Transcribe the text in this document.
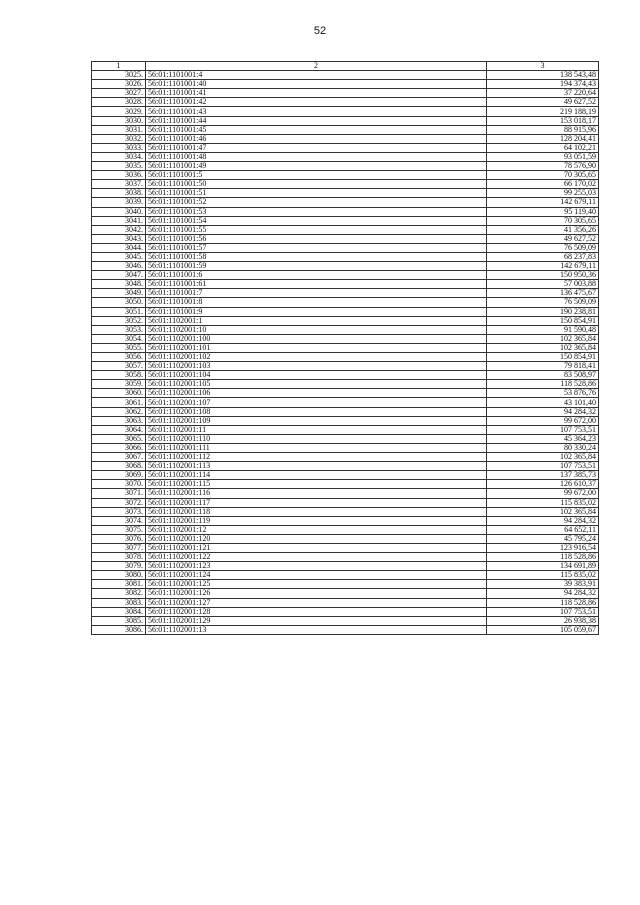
52
1	2	3
3025.	56:01:1101001:4	138 543,48
3026.	56:01:1101001:40	194 374,43
3027.	56:01:1101001:41	37 220,64
3028.	56:01:1101001:42	49 627,52
3029.	56:01:1101001:43	219 188,19
3030.	56:01:1101001:44	153 018,17
3031.	56:01:1101001:45	88 915,96
3032.	56:01:1101001:46	128 204,41
3033.	56:01:1101001:47	64 102,21
3034.	56:01:1101001:48	93 051,59
3035.	56:01:1101001:49	78 576,90
3036.	56:01:1101001:5	70 305,65
3037.	56:01:1101001:50	66 170,02
3038.	56:01:1101001:51	99 255,03
3039.	56:01:1101001:52	142 679,11
3040.	56:01:1101001:53	95 119,40
3041.	56:01:1101001:54	70 305,65
3042.	56:01:1101001:55	41 356,26
3043.	56:01:1101001:56	49 627,52
3044.	56:01:1101001:57	76 509,09
3045.	56:01:1101001:58	68 237,83
3046.	56:01:1101001:59	142 679,11
3047.	56:01:1101001:6	150 950,36
3048.	56:01:1101001:61	57 003,88
3049.	56:01:1101001:7	136 475,67
3050.	56:01:1101001:8	76 509,09
3051.	56:01:1101001:9	190 238,81
3052.	56:01:1102001:1	150 854,91
3053.	56:01:1102001:10	91 590,48
3054.	56:01:1102001:100	102 365,84
3055.	56:01:1102001:101	102 365,84
3056.	56:01:1102001:102	150 854,91
3057.	56:01:1102001:103	79 818,41
3058.	56:01:1102001:104	83 508,97
3059.	56:01:1102001:105	118 528,86
3060.	56:01:1102001:106	53 876,76
3061.	56:01:1102001:107	43 101,40
3062.	56:01:1102001:108	94 284,32
3063.	56:01:1102001:109	99 672,00
3064.	56:01:1102001:11	107 753,51
3065.	56:01:1102001:110	45 364,23
3066.	56:01:1102001:111	80 330,24
3067.	56:01:1102001:112	102 365,84
3068.	56:01:1102001:113	107 753,51
3069.	56:01:1102001:114	137 385,73
3070.	56:01:1102001:115	126 610,37
3071.	56:01:1102001:116	99 672,00
3072.	56:01:1102001:117	115 835,02
3073.	56:01:1102001:118	102 365,84
3074.	56:01:1102001:119	94 284,32
3075.	56:01:1102001:12	64 652,11
3076.	56:01:1102001:120	45 795,24
3077.	56:01:1102001:121	123 916,54
3078.	56:01:1102001:122	118 528,86
3079.	56:01:1102001:123	134 691,89
3080.	56:01:1102001:124	115 835,02
3081.	56:01:1102001:125	39 383,91
3082.	56:01:1102001:126	94 284,32
3083.	56:01:1102001:127	118 528,86
3084.	56:01:1102001:128	107 753,51
3085.	56:01:1102001:129	26 938,38
3086.	56:01:1102001:13	105 059,67
